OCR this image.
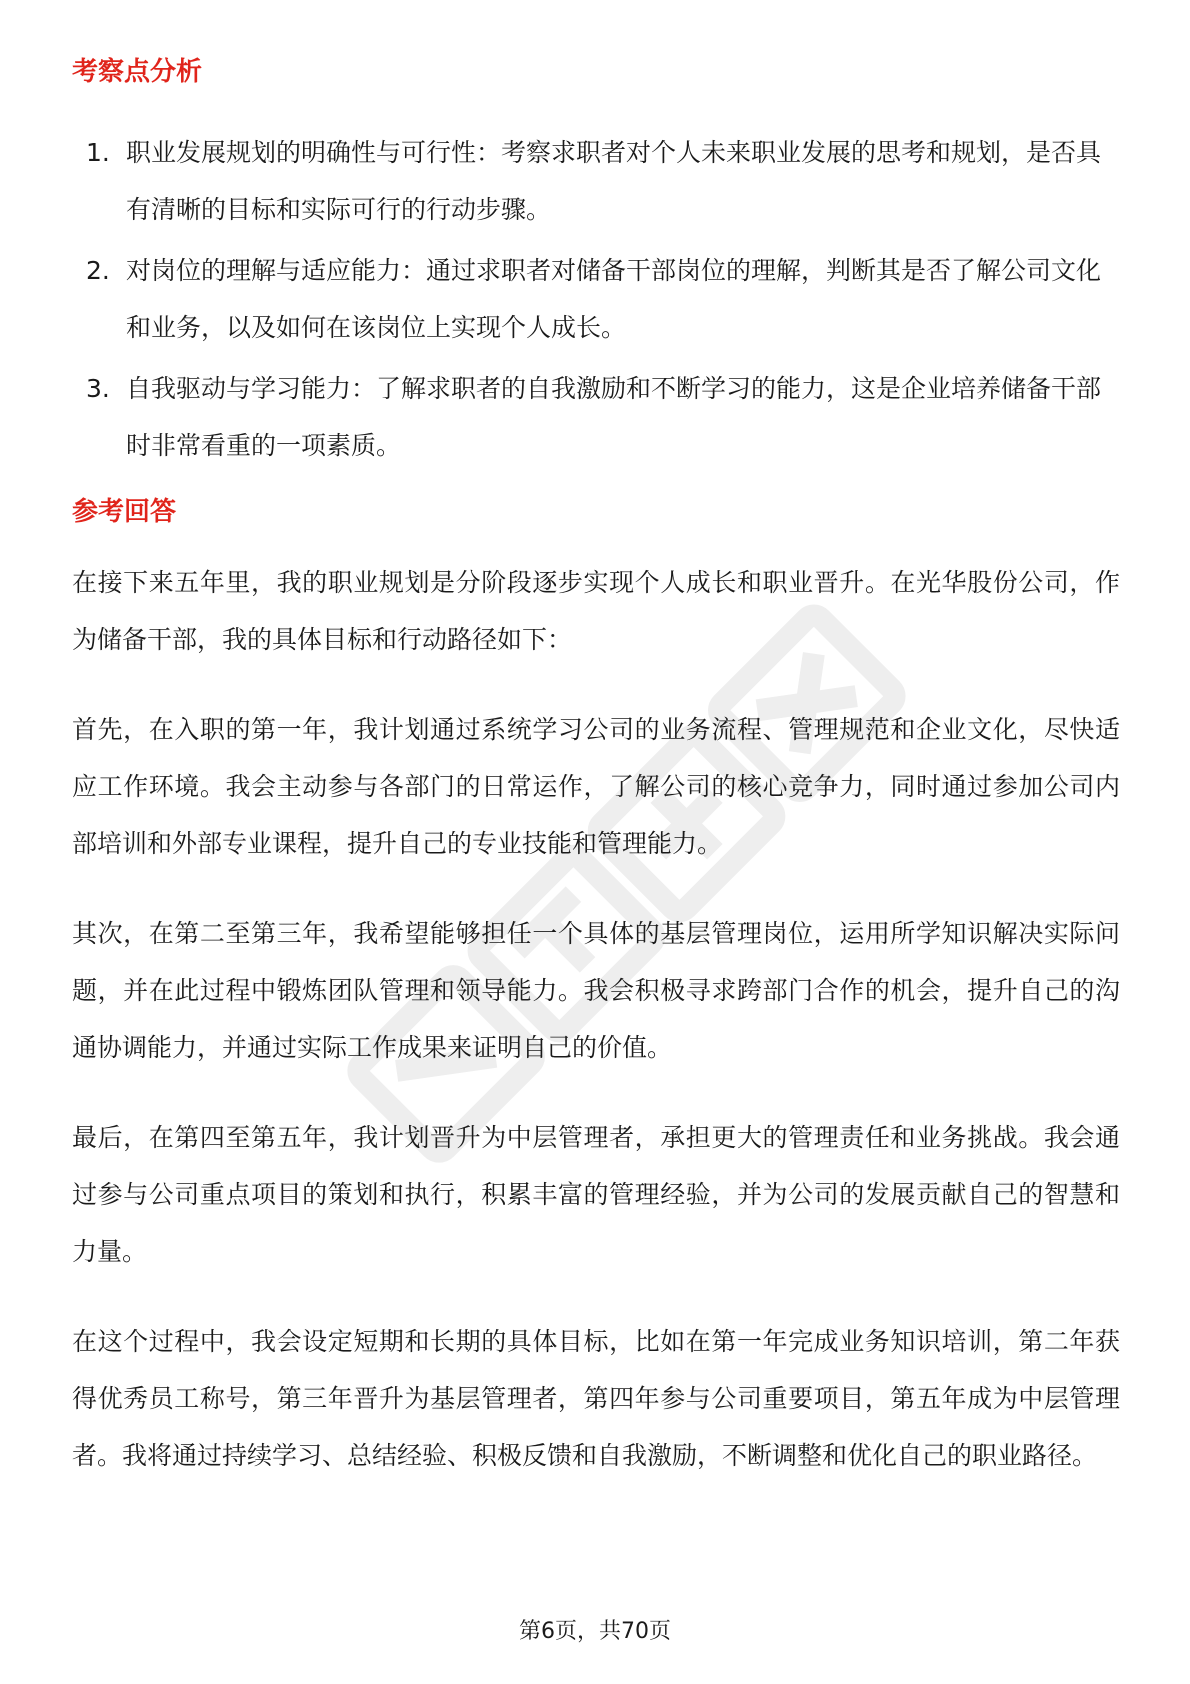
考察点分析
1. 职业发展规划的明确性与可行性：考察求职者对个人未来职业发展的思考和规划，是否具有清晰的目标和实际可行的行动步骤。
2. 对岗位的理解与适应能力：通过求职者对储备干部岗位的理解，判断其是否了解公司文化和业务，以及如何在该岗位上实现个人成长。
3. 自我驱动与学习能力：了解求职者的自我激励和不断学习的能力，这是企业培养储备干部时非常看重的一项素质。
参考回答

在接下来五年里，我的职业规划是分阶段逐步实现个人成长和职业晋升。在光华股份公司，作为储备干部，我的具体目标和行动路径如下：

首先，在入职的第一年，我计划通过系统学习公司的业务流程、管理规范和企业文化，尽快适应工作环境。我会主动参与各部门的日常运作，了解公司的核心竞争力，同时通过参加公司内部培训和外部专业课程，提升自己的专业技能和管理能力。

其次，在第二至第三年，我希望能够担任一个具体的基层管理岗位，运用所学知识解决实际问题，并在此过程中锻炼团队管理和领导能力。我会积极寻求跨部门合作的机会，提升自己的沟通协调能力，并通过实际工作成果来证明自己的价值。

最后，在第四至第五年，我计划晋升为中层管理者，承担更大的管理责任和业务挑战。我会通过参与公司重点项目的策划和执行，积累丰富的管理经验，并为公司的发展贡献自己的智慧和力量。

在这个过程中，我会设定短期和长期的具体目标，比如在第一年完成业务知识培训，第二年获得优秀员工称号，第三年晋升为基层管理者，第四年参与公司重要项目，第五年成为中层管理者。我将通过持续学习、总结经验、积极反馈和自我激励，不断调整和优化自己的职业路径。

第6页，共70页
